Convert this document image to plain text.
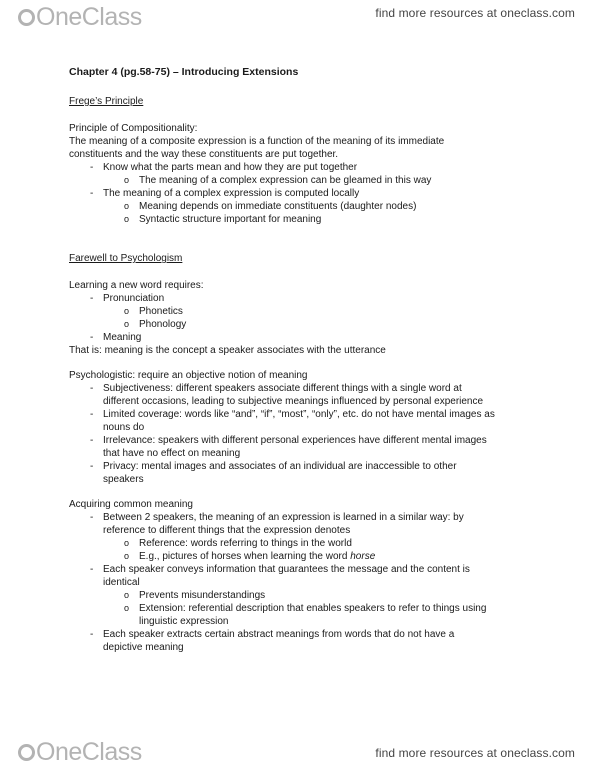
OneClass	find more resources at oneclass.com

Chapter 4 (pg.58-75) – Introducing Extensions

Frege’s Principle

Principle of Compositionality:

The meaning of a composite expression is a function of the meaning of its immediate

constituents and the way these constituents are put together.

- Know what the parts mean and how they are put together

o The meaning of a complex expression can be gleamed in this way

- The meaning of a complex expression is computed locally

o Meaning depends on immediate constituents (daughter nodes)

o Syntactic structure important for meaning

Farewell to Psychologism

Learning a new word requires:

- Pronunciation

o Phonetics

o Phonology

- Meaning

That is: meaning is the concept a speaker associates with the utterance

Psychologistic: require an objective notion of meaning

- Subjectiveness: different speakers associate different things with a single word at

different occasions, leading to subjective meanings influenced by personal experience

- Limited coverage: words like “and”, “if”, “most”, “only”, etc. do not have mental images as

nouns do

- Irrelevance: speakers with different personal experiences have different mental images

that have no effect on meaning

- Privacy: mental images and associates of an individual are inaccessible to other

speakers

Acquiring common meaning

- Between 2 speakers, the meaning of an expression is learned in a similar way: by

reference to different things that the expression denotes

o Reference: words referring to things in the world

o E.g., pictures of horses when learning the word horse

- Each speaker conveys information that guarantees the message and the content is

identical

o Prevents misunderstandings

o Extension: referential description that enables speakers to refer to things using

linguistic expression

- Each speaker extracts certain abstract meanings from words that do not have a

depictive meaning

OneClass	find more resources at oneclass.com
